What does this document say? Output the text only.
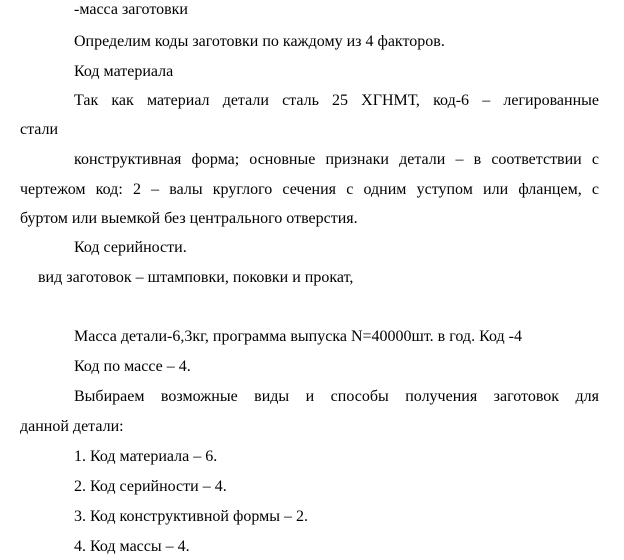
-масса заготовки
Определим коды заготовки по каждому из 4 факторов.
Код материала
Так как материал детали сталь 25 ХГНМТ, код-6 – легированные
стали
конструктивная форма; основные признаки детали – в соответствии с
чертежом код: 2 – валы круглого сечения с одним уступом или фланцем, с
буртом или выемкой без центрального отверстия.
Код серийности.
вид заготовок – штамповки, поковки и прокат,
Масса детали-6,3кг, программа выпуска N=40000шт. в год. Код -4
Код по массе – 4.
Выбираем возможные виды и способы получения заготовок для
данной детали:
1. Код материала – 6.
2. Код серийности – 4.
3. Код конструктивной формы – 2.
4. Код массы – 4.
